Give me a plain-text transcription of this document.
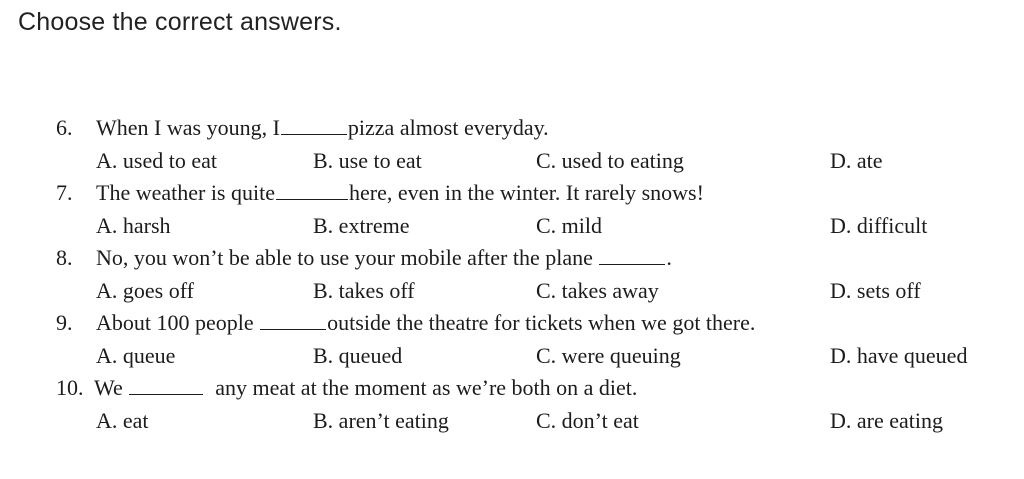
Choose the correct answers.
6. When I was young, I	pizza almost everyday.
A. used to eat	B. use to eat	C. used to eating	D. ate
7. The weather is quite	here, even in the winter. It rarely snows!
A. harsh	B. extreme	C. mild	D. difficult
8. No, you won’t be able to use your mobile after the plane	.
A. goes off	B. takes off	C. takes away	D. sets off
9. About 100 people	outside the theatre for tickets when we got there.
A. queue	B. queued	C. were queuing	D. have queued
10. We	any meat at the moment as we’re both on a diet.
A. eat	B. aren’t eating	C. don’t eat	D. are eating
